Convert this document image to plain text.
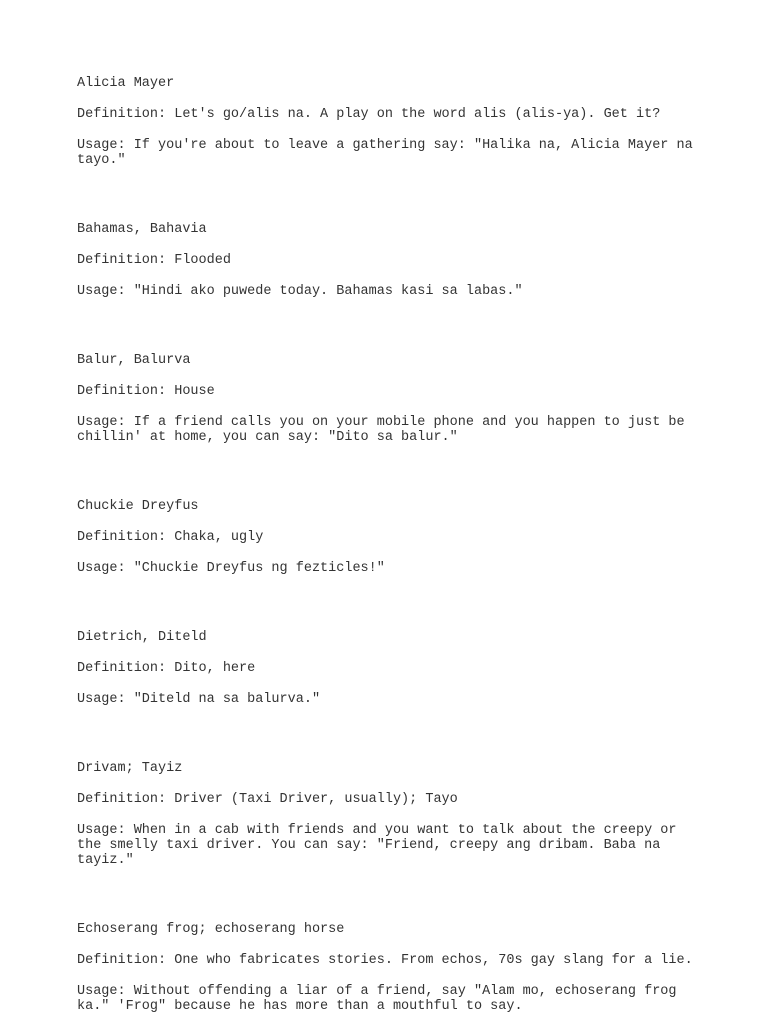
Alicia Mayer

Definition: Let's go/alis na. A play on the word alis (alis-ya). Get it?

Usage: If you're about to leave a gathering say: "Halika na, Alicia Mayer na
tayo."

Bahamas, Bahavia

Definition: Flooded

Usage: "Hindi ako puwede today. Bahamas kasi sa labas."

Balur, Balurva

Definition: House

Usage: If a friend calls you on your mobile phone and you happen to just be
chillin' at home, you can say: "Dito sa balur."

Chuckie Dreyfus

Definition: Chaka, ugly

Usage: "Chuckie Dreyfus ng fezticles!"

Dietrich, Diteld

Definition: Dito, here

Usage: "Diteld na sa balurva."

Drivam; Tayiz

Definition: Driver (Taxi Driver, usually); Tayo

Usage: When in a cab with friends and you want to talk about the creepy or
the smelly taxi driver. You can say: "Friend, creepy ang dribam. Baba na
tayiz."

Echoserang frog; echoserang horse

Definition: One who fabricates stories. From echos, 70s gay slang for a lie.

Usage: Without offending a liar of a friend, say "Alam mo, echoserang frog
ka." 'Frog" because he has more than a mouthful to say.
